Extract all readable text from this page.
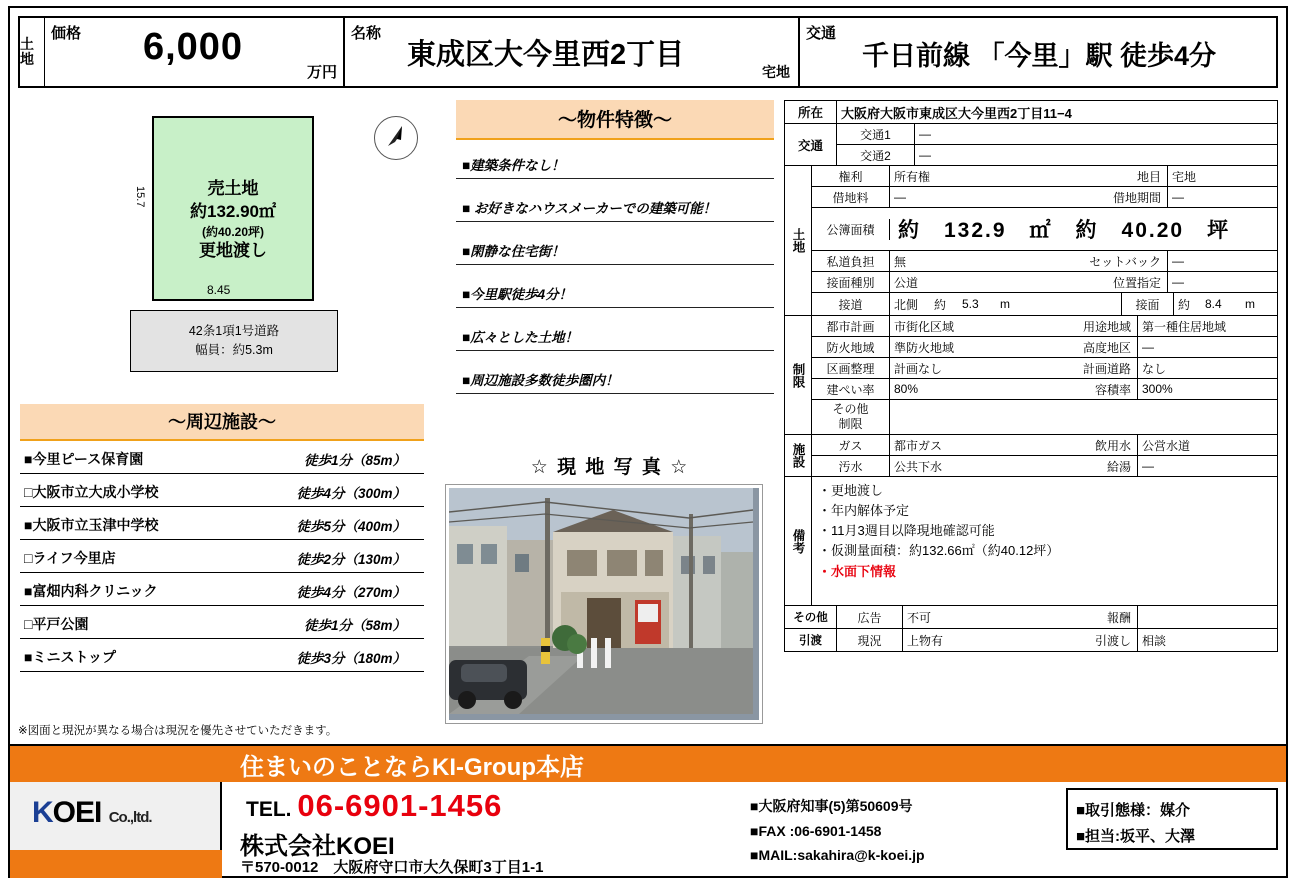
土地
価格	6,000
万円
名称
東成区大今里西2丁目
宅地
交通
千日前線 「今里」駅 徒歩4分
売土地
約132.90㎡
(約40.20坪)
更地渡し
15.7
8.45
42条1項1号道路
幅員：約5.3m
〜物件特徴〜
■建築条件なし！
■ お好きなハウスメーカーでの建築可能！
■閑静な住宅街！
■今里駅徒歩4分！
■広々とした土地！
■周辺施設多数徒歩圏内！
〜周辺施設〜
■今里ピース保育園	徒歩1分（85m）
□大阪市立大成小学校	徒歩4分（300m）
■大阪市立玉津中学校	徒歩5分（400m）
□ライフ今里店	徒歩2分（130m）
■富畑内科クリニック	徒歩4分（270m）
□平戸公園	徒歩1分（58m）
■ミニストップ	徒歩3分（180m）
※図面と現況が異なる場合は現況を優先させていただきます。
☆ 現 地 写 真 ☆
所在	大阪府大阪市東成区大今里西2丁目11−4
交通
交通1	—
交通2	—
土地
権利	所有権	地目 宅地
借地料	—	借地期間 —
公簿面積	約　132.9　㎡　約　40.20　坪
私道負担	無	セットバック —
接面種別	公道	位置指定 —
接道	北側	約	5.3	m	接面	約	8.4	m
制限
都市計画	市街化区域	用途地域 第一種住居地域
防火地域	準防火地域	高度地区 —
区画整理	計画なし	計画道路 なし
建ぺい率	80%	容積率 300%
その他
制限
施設	ガス	都市ガス	飲用水 公営水道
汚水	公共下水	給湯 —
備考
・更地渡し
・年内解体予定
・11月3週目以降現地確認可能
・仮測量面積：約132.66㎡（約40.12坪）
・水面下情報
その他	広告	不可	報酬
引渡	現況	上物有	引渡し 相談
KOEI Co.,ltd.
住まいのことならKI-Group本店
TEL. 06-6901-1456
株式会社KOEI
〒570-0012　大阪府守口市大久保町3丁目1-1
■大阪府知事(5)第50609号
■FAX :06-6901-1458
■MAIL:sakahira@k-koei.jp
■取引態様：媒介
■担当:坂平、大澤
